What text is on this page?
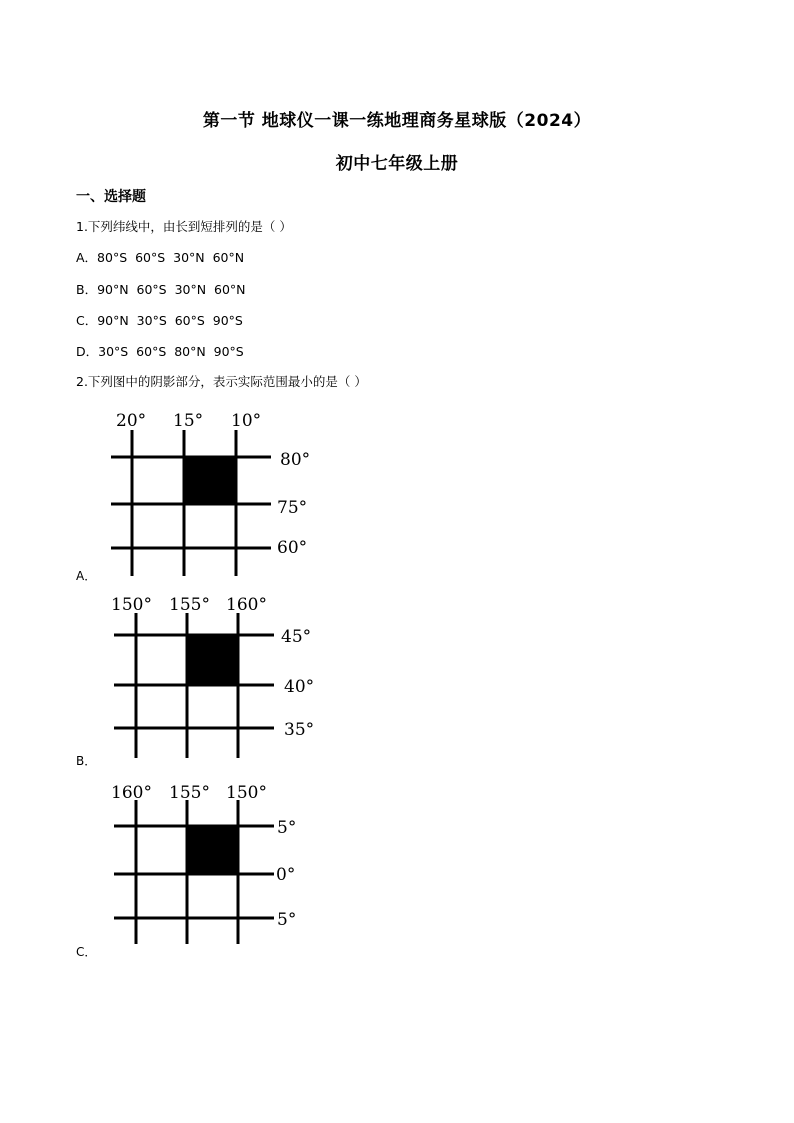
第一节 地球仪一课一练地理商务星球版（2024）
初中七年级上册
一、选择题
1.下列纬线中，由长到短排列的是（ ）
A．80°S  60°S  30°N  60°N
B．90°N  60°S  30°N  60°N
C．90°N  30°S  60°S  90°S
D．30°S  60°S  80°N  90°S
2.下列图中的阴影部分，表示实际范围最小的是（ ）
20° 15° 10°
80°
75°
60°
A．
150° 155° 160°
45°
40°
35°
B．
160° 155° 150°
5°
0°
5°
C．
